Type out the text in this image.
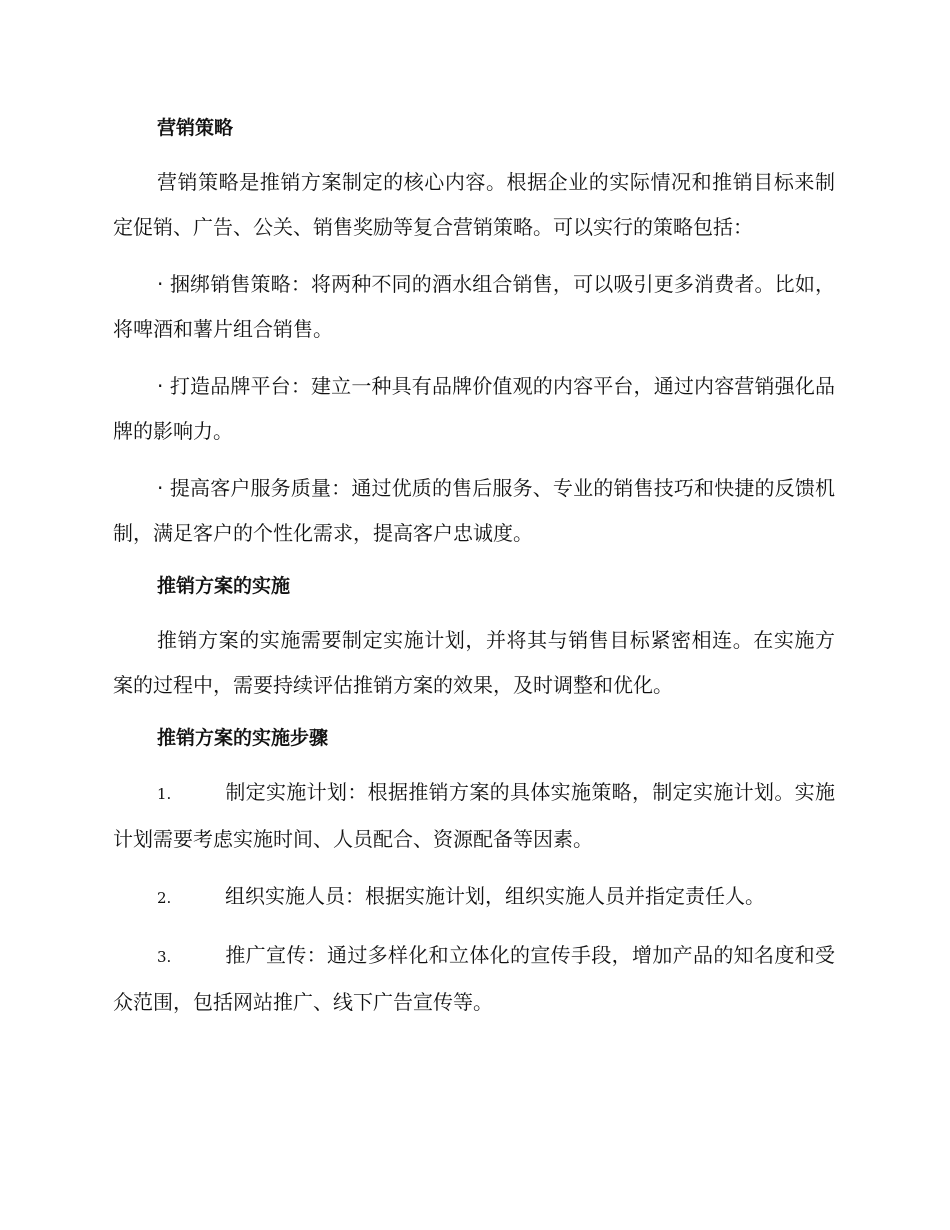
营销策略

营销策略是推销方案制定的核心内容。根据企业的实际情况和推销目标来制定促销、广告、公关、销售奖励等复合营销策略。可以实行的策略包括：

· 捆绑销售策略：将两种不同的酒水组合销售，可以吸引更多消费者。比如，将啤酒和薯片组合销售。

· 打造品牌平台：建立一种具有品牌价值观的内容平台，通过内容营销强化品牌的影响力。

· 提高客户服务质量：通过优质的售后服务、专业的销售技巧和快捷的反馈机制，满足客户的个性化需求，提高客户忠诚度。

推销方案的实施

推销方案的实施需要制定实施计划，并将其与销售目标紧密相连。在实施方案的过程中，需要持续评估推销方案的效果，及时调整和优化。

推销方案的实施步骤

1.	制定实施计划：根据推销方案的具体实施策略，制定实施计划。实施计划需要考虑实施时间、人员配合、资源配备等因素。

2.	组织实施人员：根据实施计划，组织实施人员并指定责任人。

3.	推广宣传：通过多样化和立体化的宣传手段，增加产品的知名度和受众范围，包括网站推广、线下广告宣传等。
